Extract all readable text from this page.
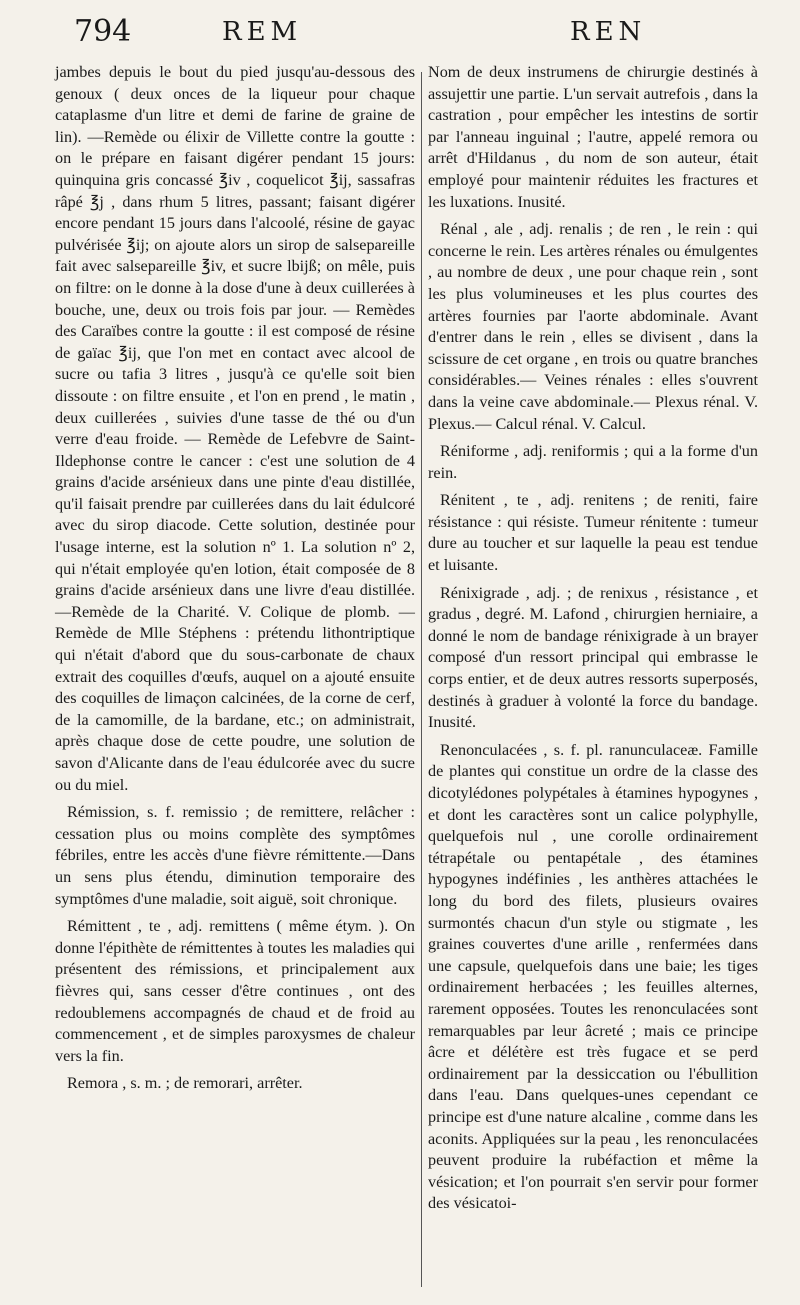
794	REM	REN

jambes depuis le bout du pied jusqu'au-dessous des genoux ( deux onces de la liqueur pour chaque cataplasme d'un litre et demi de farine de graine de lin). —Remède ou élixir de Villette contre la goutte : on le prépare en faisant digérer pendant 15 jours: quinquina gris concassé ℥iv , coquelicot ℥ij, sassafras râpé ℥j , dans rhum 5 litres, passant; faisant digérer encore pendant 15 jours dans l'alcoolé, résine de gayac pulvérisée ℥ij; on ajoute alors un sirop de salsepareille fait avec salsepareille ℥iv, et sucre lbijß; on mêle, puis on filtre: on le donne à la dose d'une à deux cuillerées à bouche, une, deux ou trois fois par jour. — Remèdes des Caraïbes contre la goutte : il est composé de résine de gaïac ℥ij, que l'on met en contact avec alcool de sucre ou tafia 3 litres , jusqu'à ce qu'elle soit bien dissoute : on filtre ensuite , et l'on en prend , le matin , deux cuillerées , suivies d'une tasse de thé ou d'un verre d'eau froide. — Remède de Lefebvre de Saint-Ildephonse contre le cancer : c'est une solution de 4 grains d'acide arsénieux dans une pinte d'eau distillée, qu'il faisait prendre par cuillerées dans du lait édulcoré avec du sirop diacode. Cette solution, destinée pour l'usage interne, est la solution nº 1. La solution nº 2, qui n'était employée qu'en lotion, était composée de 8 grains d'acide arsénieux dans une livre d'eau distillée.—Remède de la Charité. V. Colique de plomb. — Remède de Mlle Stéphens : prétendu lithontriptique qui n'était d'abord que du sous-carbonate de chaux extrait des coquilles d'œufs, auquel on a ajouté ensuite des coquilles de limaçon calcinées, de la corne de cerf, de la camomille, de la bardane, etc.; on administrait, après chaque dose de cette poudre, une solution de savon d'Alicante dans de l'eau édulcorée avec du sucre ou du miel.

Rémission, s. f. remissio ; de remittere, relâcher : cessation plus ou moins complète des symptômes fébriles, entre les accès d'une fièvre rémittente.—Dans un sens plus étendu, diminution temporaire des symptômes d'une maladie, soit aiguë, soit chronique.

Rémittent , te , adj. remittens ( même étym. ). On donne l'épithète de rémittentes à toutes les maladies qui présentent des rémissions, et principalement aux fièvres qui, sans cesser d'être continues , ont des redoublemens accompagnés de chaud et de froid au commencement , et de simples paroxysmes de chaleur vers la fin.

Remora , s. m. ; de remorari, arrêter.

Nom de deux instrumens de chirurgie destinés à assujettir une partie. L'un servait autrefois , dans la castration , pour empêcher les intestins de sortir par l'anneau inguinal ; l'autre, appelé remora ou arrêt d'Hildanus , du nom de son auteur, était employé pour maintenir réduites les fractures et les luxations. Inusité.

Rénal , ale , adj. renalis ; de ren , le rein : qui concerne le rein. Les artères rénales ou émulgentes , au nombre de deux , une pour chaque rein , sont les plus volumineuses et les plus courtes des artères fournies par l'aorte abdominale. Avant d'entrer dans le rein , elles se divisent , dans la scissure de cet organe , en trois ou quatre branches considérables.— Veines rénales : elles s'ouvrent dans la veine cave abdominale.— Plexus rénal. V. Plexus.— Calcul rénal. V. Calcul.

Réniforme , adj. reniformis ; qui a la forme d'un rein.

Rénitent , te , adj. renitens ; de reniti, faire résistance : qui résiste. Tumeur rénitente : tumeur dure au toucher et sur laquelle la peau est tendue et luisante.

Rénixigrade , adj. ; de renixus , résistance , et gradus , degré. M. Lafond , chirurgien herniaire, a donné le nom de bandage rénixigrade à un brayer composé d'un ressort principal qui embrasse le corps entier, et de deux autres ressorts superposés, destinés à graduer à volonté la force du bandage. Inusité.

Renonculacées , s. f. pl. ranunculaceæ. Famille de plantes qui constitue un ordre de la classe des dicotylédones polypétales à étamines hypogynes , et dont les caractères sont un calice polyphylle, quelquefois nul , une corolle ordinairement tétrapétale ou pentapétale , des étamines hypogynes indéfinies , les anthères attachées le long du bord des filets, plusieurs ovaires surmontés chacun d'un style ou stigmate , les graines couvertes d'une arille , renfermées dans une capsule, quelquefois dans une baie; les tiges ordinairement herbacées ; les feuilles alternes, rarement opposées. Toutes les renonculacées sont remarquables par leur âcreté ; mais ce principe âcre et délétère est très fugace et se perd ordinairement par la dessiccation ou l'ébullition dans l'eau. Dans quelques-unes cependant ce principe est d'une nature alcaline , comme dans les aconits. Appliquées sur la peau , les renonculacées peuvent produire la rubéfaction et même la vésication; et l'on pourrait s'en servir pour former des vésicatoi-
